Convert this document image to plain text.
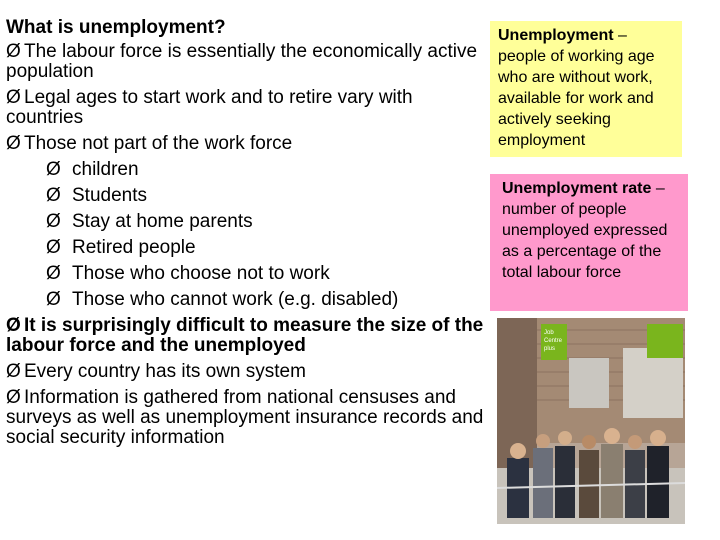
What is unemployment?
Ø The labour force is essentially the economically active population
Ø Legal ages to start work and to retire vary with countries
Ø Those not part of the work force
Ø children
Ø Students
Ø Stay at home parents
Ø Retired people
Ø Those who choose not to work
Ø Those who cannot work (e.g. disabled)
Ø It is surprisingly difficult to measure the size of the labour force and the unemployed
Ø Every country has its own system
Ø Information is gathered from national censuses and surveys as well as unemployment insurance records and social security information
Unemployment – people of working age who are without work, available for work and actively seeking employment
Unemployment rate – number of people unemployed expressed as a percentage of the total labour force
Job
Centre
plus
